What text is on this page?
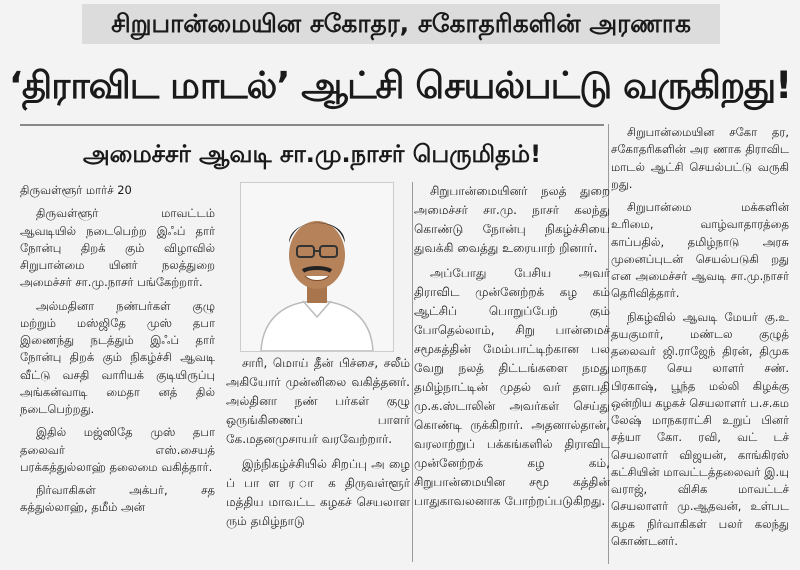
சிறுபான்மையின சகோதர, சகோதரிகளின் அரணாக
‘திராவிட மாடல்’ ஆட்சி செயல்பட்டு வருகிறது!
அமைச்சர் ஆவடி சா.மு.நாசர் பெருமிதம்!

திருவள்ளூர் மார்ச் 20

திருவள்ளூர் மாவட்டம் ஆவடியில் நடைபெற்ற இஃப் தார் நோன்பு திறக் கும் விழாவில் சிறுபான்மை யினர் நலத்துறை அமைச்சர் சா.மு.நாசர் பங்கேற்றார்.

அல்மதினா நண்பர்கள் குழு மற்றும் மஸ்ஜிதே முஸ் தபா இணைந்து நடத்தும் இஃப் தார் நோன்பு திறக் கும் நிகழ்ச்சி ஆவடி வீட்டு வசதி வாரியக் குடியிருப்பு அங்கன்வாடி மைதா னத் தில் நடைபெற்றது.

இதில் மஜ்ஸிதே முஸ் தபா தலைவர் எஸ்.சையத் பரக்கத்துல்லாஹ் தலைமை வகித்தார்.

நிர்வாகிகள் அக்பர், சத கத்துல்லாஹ், தமீம் அன்

சாரி, மொய் தீன் பிச்சை, சலீம் அகியோர் முன்னிலை வகித்தனர். அல்தினா நண் பர்கள் குழு ஒருங்கிணைப் பாளர் கே.மதனமுசாயர் வரவேற்றார்.

இந்நிகழ்ச்சியில் சிறப்பு அ ழை ப் பா ள ர ா க திருவள்ளூர் மத்திய மாவட்ட கழகச் செயலாள ரும் தமிழ்நாடு

சிறுபான்மையினர் நலத் துறை அமைச்சர் சா.மு. நாசர் கலந்து கொண்டு நோன்பு நிகழ்ச்சியை துவக்கி வைத்து உரையாற் றினார்.

அப்போது பேசிய அவர் திராவிட முன்னேற்றக் கழ கம் ஆட்சிப் பொறுப்பேற் கும் போதெல்லாம், சிறு பான்மைச் சமூகத்தின் மேம்பாட்டிற்கான பல வேறு நலத் திட்டங்களை நமது தமிழ்நாட்டின் முதல் வர் தளபதி மு.க.ஸ்டாலின் அவர்கள் செய்து கொண்டி ருக்கிறார். அதனால்தான், வரலாற்றுப் பக்கங்களில் திராவிட முன்னேற்றக் கழ கம், சிறுபான்மையின சமூ கத்தின் பாதுகாவலனாக போற்றப்படுகிறது.

சிறுபான்மையின சகோ தர, சகோதரிகளின் அர ணாக திராவிட மாடல் ஆட்சி செயல்பட்டு வருகி றது.

சிறுபான்மை மக்களின் உரிமை, வாழ்வாதாரத்தை காப்பதில், தமிழ்நாடு அரசு முனைப்புடன் செயல்படுகி றது என அமைச்சர் ஆவடி சா.மு.நாசர் தெரிவித்தார்.

நிகழ்வில் ஆவடி மேயர் கு.உ தயகுமார், மண்டல குழுத் தலைவர் ஜி.ராஜேந் திரன், திமுக மாநகர செய லாளர் சண். பிரகாஷ், பூந்த மல்லி கிழக்கு ஒன்றிய கழகச் செயலாளர் ப.ச.கம லேஷ் மாநகராட்சி உறுப் பினர் சத்யா கோ. ரவி, வட் டச் செயலாளர் விஜயன், காங்கிரஸ் கட்சியின் மாவட்டத்தலைவர் இ.யு வராஜ், விசிக மாவட்டச் செயலாளர் மு.ஆதவன், உள்பட கழக நிர்வாகிகள் பலர் கலந்து கொண்டனர்.
